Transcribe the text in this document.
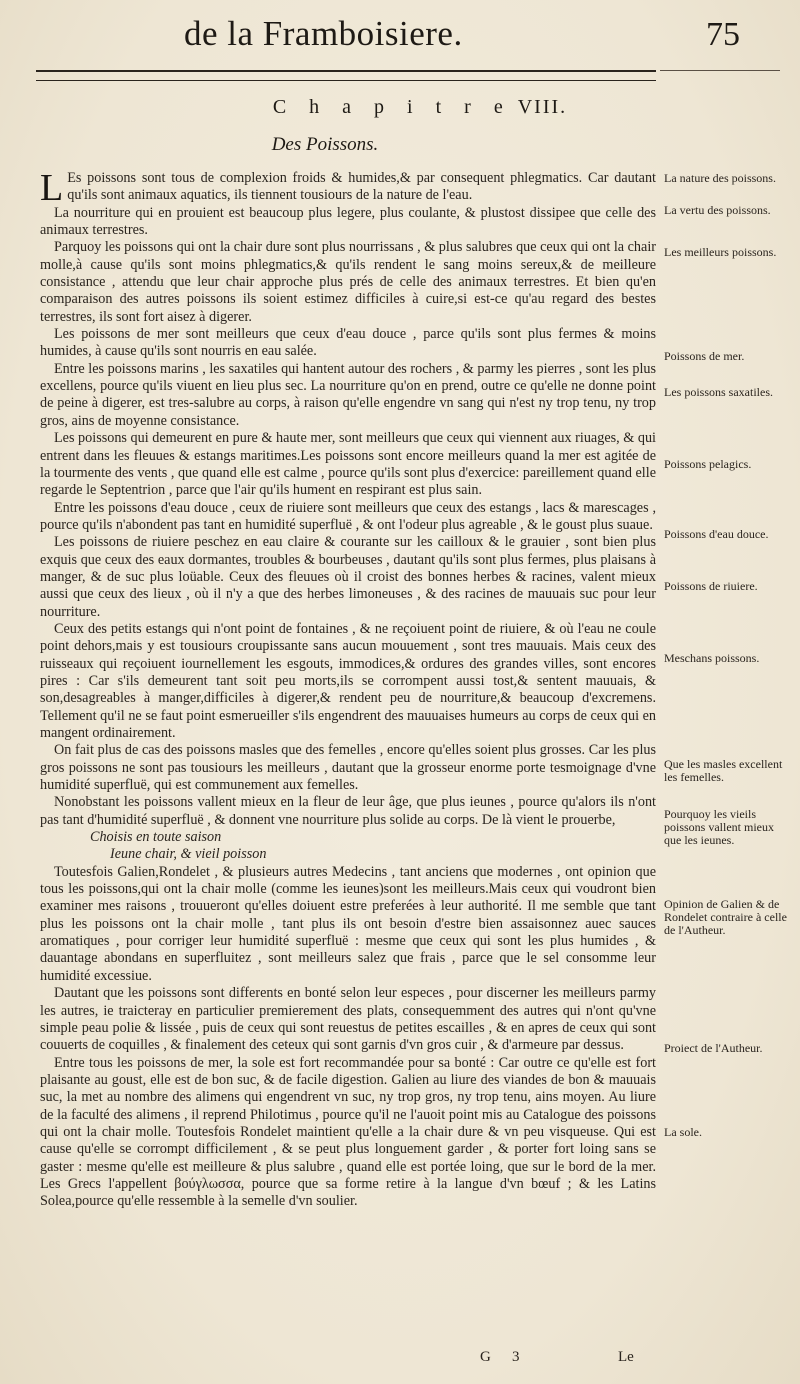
de la Framboisiere.	75
C h a p i t r e VIII.
Des Poissons.

L Es poissons sont tous de complexion froids & humides,& par consequent phlegmatics. Car dautant qu'ils sont animaux aquatics, ils tiennent tousiours de la nature de l'eau.

La nourriture qui en prouient est beaucoup plus legere, plus coulante, & plustost dissipee que celle des animaux terrestres.

Parquoy les poissons qui ont la chair dure sont plus nourrissans , & plus salubres que ceux qui ont la chair molle,à cause qu'ils sont moins phlegmatics,& qu'ils rendent le sang moins sereux,& de meilleure consistance , attendu que leur chair approche plus prés de celle des animaux terrestres. Et bien qu'en comparaison des autres poissons ils soient estimez difficiles à cuire,si est-ce qu'au regard des bestes terrestres, ils sont fort aisez à digerer.

Les poissons de mer sont meilleurs que ceux d'eau douce , parce qu'ils sont plus fermes & moins humides, à cause qu'ils sont nourris en eau salée.

Entre les poissons marins , les saxatiles qui hantent autour des rochers , & parmy les pierres , sont les plus excellens, pource qu'ils viuent en lieu plus sec. La nourriture qu'on en prend, outre ce qu'elle ne donne point de peine à digerer, est tres-salubre au corps, à raison qu'elle engendre vn sang qui n'est ny trop tenu, ny trop gros, ains de moyenne consistance.

Les poissons qui demeurent en pure & haute mer, sont meilleurs que ceux qui viennent aux riuages, & qui entrent dans les fleuues & estangs maritimes.Les poissons sont encore meilleurs quand la mer est agitée de la tourmente des vents , que quand elle est calme , pource qu'ils sont plus d'exercice: pareillement quand elle regarde le Septentrion , parce que l'air qu'ils hument en respirant est plus sain.

Entre les poissons d'eau douce , ceux de riuiere sont meilleurs que ceux des estangs , lacs & marescages , pource qu'ils n'abondent pas tant en humidité superfluë , & ont l'odeur plus agreable , & le goust plus suaue.

Les poissons de riuiere peschez en eau claire & courante sur les cailloux & le grauier , sont bien plus exquis que ceux des eaux dormantes, troubles & bourbeuses , dautant qu'ils sont plus fermes, plus plaisans à manger, & de suc plus loüable. Ceux des fleuues où il croist des bonnes herbes & racines, valent mieux aussi que ceux des lieux , où il n'y a que des herbes limoneuses , & des racines de mauuais suc pour leur nourriture.

Ceux des petits estangs qui n'ont point de fontaines , & ne reçoiuent point de riuiere, & où l'eau ne coule point dehors,mais y est tousiours croupissante sans aucun mouuement , sont tres mauuais. Mais ceux des ruisseaux qui reçoiuent iournellement les esgouts, immodices,& ordures des grandes villes, sont encores pires : Car s'ils demeurent tant soit peu morts,ils se corrompent aussi tost,& sentent mauuais, & son,desagreables à manger,difficiles à digerer,& rendent peu de nourriture,& beaucoup d'excremens. Tellement qu'il ne se faut point esmerueiller s'ils engendrent des mauuaises humeurs au corps de ceux qui en mangent ordinairement.

On fait plus de cas des poissons masles que des femelles , encore qu'elles soient plus grosses. Car les plus gros poissons ne sont pas tousiours les meilleurs , dautant que la grosseur enorme porte tesmoignage d'vne humidité superfluë, qui est communement aux femelles.

Nonobstant les poissons vallent mieux en la fleur de leur âge, que plus ieunes , pource qu'alors ils n'ont pas tant d'humidité superfluë , & donnent vne nourriture plus solide au corps. De là vient le prouerbe,

Choisis en toute saison

Ieune chair, & vieil poisson

Toutesfois Galien,Rondelet , & plusieurs autres Medecins , tant anciens que modernes , ont opinion que tous les poissons,qui ont la chair molle (comme les ieunes)sont les meilleurs.Mais ceux qui voudront bien examiner mes raisons , trouueront qu'elles doiuent estre preferées à leur authorité. Il me semble que tant plus les poissons ont la chair molle , tant plus ils ont besoin d'estre bien assaisonnez auec sauces aromatiques , pour corriger leur humidité superfluë : mesme que ceux qui sont les plus humides , & dauantage abondans en superfluitez , sont meilleurs salez que frais , parce que le sel consomme leur humidité excessiue.

Dautant que les poissons sont differents en bonté selon leur especes , pour discerner les meilleurs parmy les autres, ie traicteray en particulier premierement des plats, consequemment des autres qui n'ont qu'vne simple peau polie & lissée , puis de ceux qui sont reuestus de petites escailles , & en apres de ceux qui sont couuerts de coquilles , & finalement des ceteux qui sont garnis d'vn gros cuir , & d'armeure par dessus.

Entre tous les poissons de mer, la sole est fort recommandée pour sa bonté : Car outre ce qu'elle est fort plaisante au goust, elle est de bon suc, & de facile digestion. Galien au liure des viandes de bon & mauuais suc, la met au nombre des alimens qui engendrent vn suc, ny trop gros, ny trop tenu, ains moyen. Au liure de la faculté des alimens , il reprend Philotimus , pource qu'il ne l'auoit point mis au Catalogue des poissons qui ont la chair molle. Toutesfois Rondelet maintient qu'elle a la chair dure & vn peu visqueuse. Qui est cause qu'elle se corrompt difficilement , & se peut plus longuement garder , & porter fort loing sans se gaster : mesme qu'elle est meilleure & plus salubre , quand elle est portée loing, que sur le bord de la mer. Les Grecs l'appellent βούγλωσσα, pource que sa forme retire à la langue d'vn bœuf ; & les Latins Solea,pource qu'elle ressemble à la semelle d'vn soulier.

La nature des poissons.
La vertu des poissons.
Les meilleurs poissons.
Poissons de mer.
Les poissons saxatiles.
Poissons pelagics.
Poissons d'eau douce.
Poissons de riuiere.
Meschans poissons.
Que les masles excellent les femelles.
Pourquoy les vieils poissons vallent mieux que les ieunes.
Opinion de Galien & de Rondelet contraire à celle de l'Autheur.
Proiect de l'Autheur.
La sole.
G 3	Le
